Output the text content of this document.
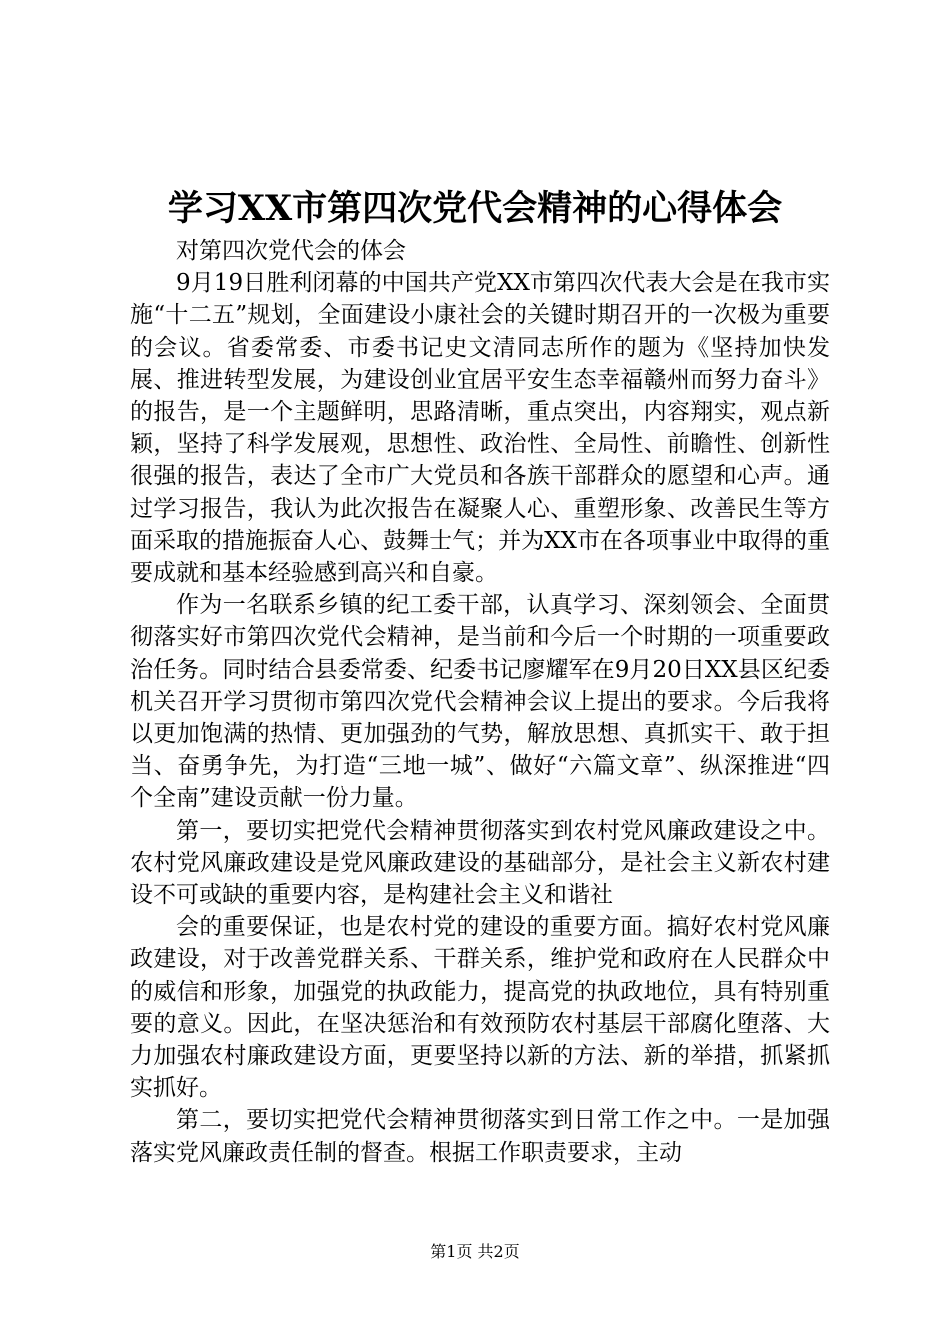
学习XX市第四次党代会精神的心得体会

对第四次党代会的体会

9月19日胜利闭幕的中国共产党XX市第四次代表大会是在我市实施“十二五”规划，全面建设小康社会的关键时期召开的一次极为重要的会议。省委常委、市委书记史文清同志所作的题为《坚持加快发展、推进转型发展，为建设创业宜居平安生态幸福赣州而努力奋斗》的报告，是一个主题鲜明，思路清晰，重点突出，内容翔实，观点新颖，坚持了科学发展观，思想性、政治性、全局性、前瞻性、创新性很强的报告，表达了全市广大党员和各族干部群众的愿望和心声。通过学习报告，我认为此次报告在凝聚人心、重塑形象、改善民生等方面采取的措施振奋人心、鼓舞士气；并为XX市在各项事业中取得的重要成就和基本经验感到高兴和自豪。

作为一名联系乡镇的纪工委干部，认真学习、深刻领会、全面贯彻落实好市第四次党代会精神，是当前和今后一个时期的一项重要政治任务。同时结合县委常委、纪委书记廖耀军在9月20日XX县区纪委机关召开学习贯彻市第四次党代会精神会议上提出的要求。今后我将以更加饱满的热情、更加强劲的气势，解放思想、真抓实干、敢于担当、奋勇争先，为打造“三地一城”、做好“六篇文章”、纵深推进“四个全南”建设贡献一份力量。

第一，要切实把党代会精神贯彻落实到农村党风廉政建设之中。农村党风廉政建设是党风廉政建设的基础部分，是社会主义新农村建设不可或缺的重要内容，是构建社会主义和谐社

会的重要保证，也是农村党的建设的重要方面。搞好农村党风廉政建设，对于改善党群关系、干群关系，维护党和政府在人民群众中的威信和形象，加强党的执政能力，提高党的执政地位，具有特别重要的意义。因此，在坚决惩治和有效预防农村基层干部腐化堕落、大力加强农村廉政建设方面，更要坚持以新的方法、新的举措，抓紧抓实抓好。

第二，要切实把党代会精神贯彻落实到日常工作之中。一是加强落实党风廉政责任制的督查。根据工作职责要求，主动

第1页 共2页
